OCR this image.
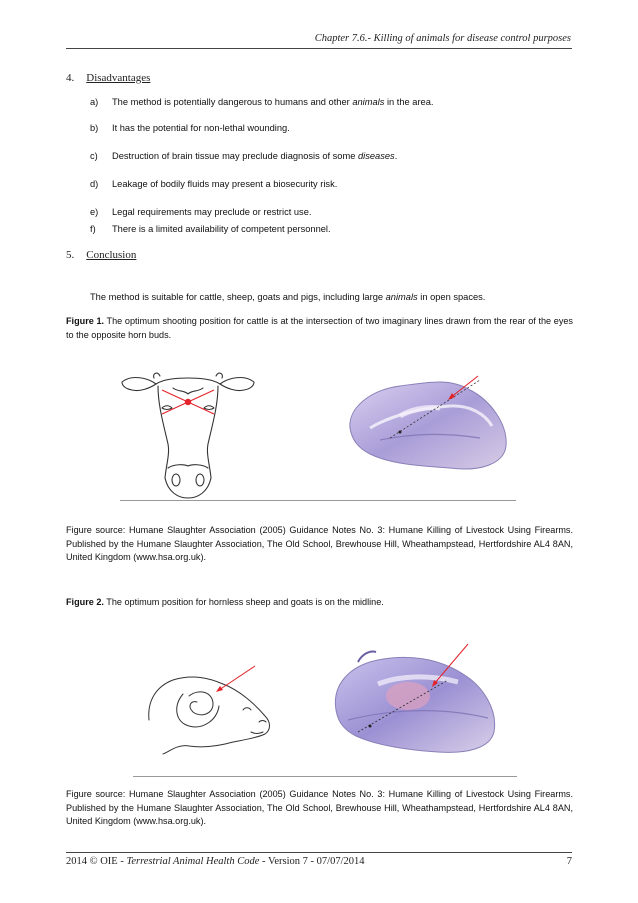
Chapter 7.6.- Killing of animals for disease control purposes
4. Disadvantages
a) The method is potentially dangerous to humans and other animals in the area.
b) It has the potential for non-lethal wounding.
c) Destruction of brain tissue may preclude diagnosis of some diseases.
d) Leakage of bodily fluids may present a biosecurity risk.
e) Legal requirements may preclude or restrict use.
f) There is a limited availability of competent personnel.
5. Conclusion
The method is suitable for cattle, sheep, goats and pigs, including large animals in open spaces.
Figure 1. The optimum shooting position for cattle is at the intersection of two imaginary lines drawn from the rear of the eyes to the opposite horn buds.
Figure source: Humane Slaughter Association (2005) Guidance Notes No. 3: Humane Killing of Livestock Using Firearms. Published by the Humane Slaughter Association, The Old School, Brewhouse Hill, Wheathampstead, Hertfordshire AL4 8AN, United Kingdom (www.hsa.org.uk).
Figure 2. The optimum position for hornless sheep and goats is on the midline.
Figure source: Humane Slaughter Association (2005) Guidance Notes No. 3: Humane Killing of Livestock Using Firearms. Published by the Humane Slaughter Association, The Old School, Brewhouse Hill, Wheathampstead, Hertfordshire AL4 8AN, United Kingdom (www.hsa.org.uk).
2014 © OIE - Terrestrial Animal Health Code - Version 7 - 07/07/2014	7
